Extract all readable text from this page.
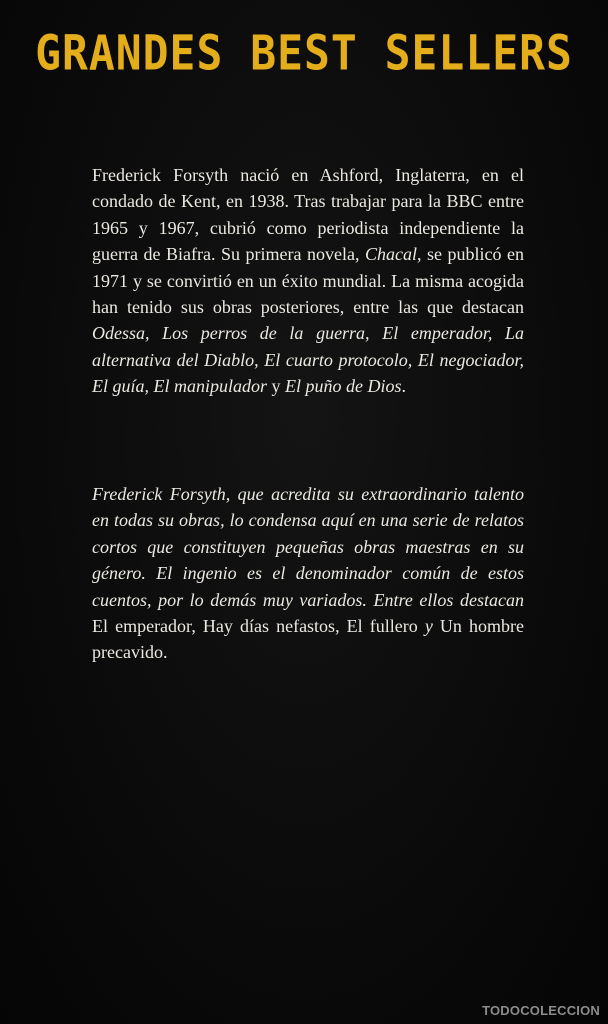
GRANDES BEST SELLERS
Frederick Forsyth nació en Ashford, Inglaterra, en el condado de Kent, en 1938. Tras trabajar para la BBC entre 1965 y 1967, cubrió como periodista independiente la guerra de Biafra. Su primera novela, Chacal, se publicó en 1971 y se convirtió en un éxito mundial. La misma acogida han tenido sus obras posteriores, entre las que destacan Odessa, Los perros de la guerra, El emperador, La alternativa del Diablo, El cuarto protocolo, El negociador, El guía, El manipulador y El puño de Dios.
Frederick Forsyth, que acredita su extraordinario talento en todas su obras, lo condensa aquí en una serie de relatos cortos que constituyen pequeñas obras maestras en su género. El ingenio es el denominador común de estos cuentos, por lo demás muy variados. Entre ellos destacan El emperador, Hay días nefastos, El fullero y Un hombre precavido.
TODOCOLECCION
